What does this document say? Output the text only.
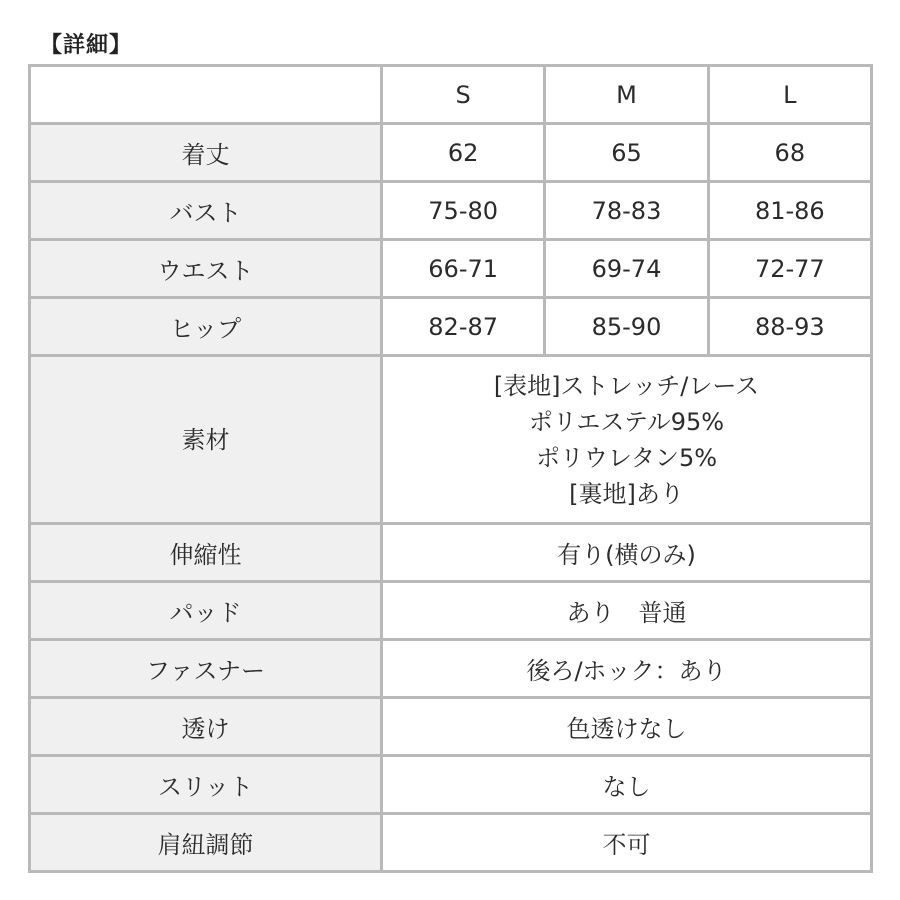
【詳細】
	S	M	L
着丈	62	65	68
バスト	75-80	78-83	81-86
ウエスト	66-71	69-74	72-77
ヒップ	82-87	85-90	88-93
素材	[表地]ストレッチ/レース
ポリエステル95%
ポリウレタン5%
[裏地]あり		

伸縮性	有り(横のみ)		
パッド	あり　普通		
ファスナー	後ろ/ホック：あり		
透け	色透けなし		
スリット	なし		
肩紐調節	不可		
